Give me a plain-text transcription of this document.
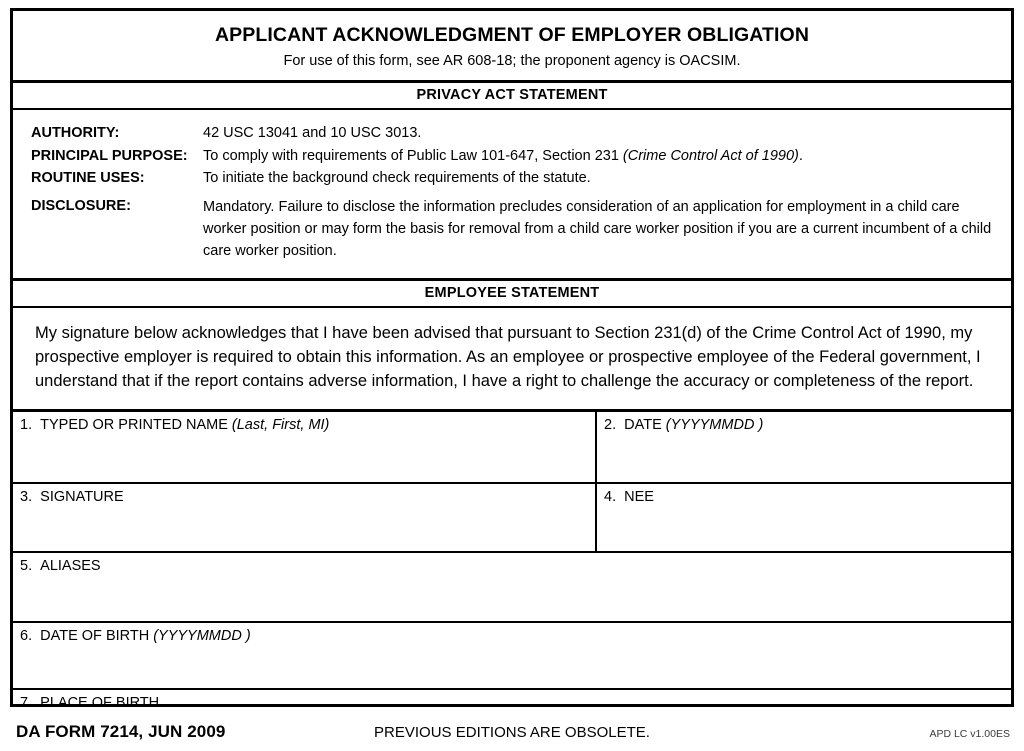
APPLICANT ACKNOWLEDGMENT OF EMPLOYER OBLIGATION
For use of this form, see AR 608-18; the proponent agency is OACSIM.
PRIVACY ACT STATEMENT
AUTHORITY:	42 USC 13041 and 10 USC 3013.
PRINCIPAL PURPOSE:	To comply with requirements of Public Law 101-647, Section 231 (Crime Control Act of 1990).
ROUTINE USES:	To initiate the background check requirements of the statute.
DISCLOSURE:	Mandatory. Failure to disclose the information precludes consideration of an application for employment in a child care worker position or may form the basis for removal from a child care worker position if you are a current incumbent of a child care worker position.
EMPLOYEE STATEMENT
My signature below acknowledges that I have been advised that pursuant to Section 231(d) of the Crime Control Act of 1990, my prospective employer is required to obtain this information. As an employee or prospective employee of the Federal government, I understand that if the report contains adverse information, I have a right to challenge the accuracy or completeness of the report.
1. TYPED OR PRINTED NAME (Last, First, MI)	2. DATE (YYYYMMDD )
3. SIGNATURE	4. NEE
5. ALIASES
6. DATE OF BIRTH (YYYYMMDD )
7. PLACE OF BIRTH
DA FORM 7214, JUN 2009	PREVIOUS EDITIONS ARE OBSOLETE.	APD LC v1.00ES
